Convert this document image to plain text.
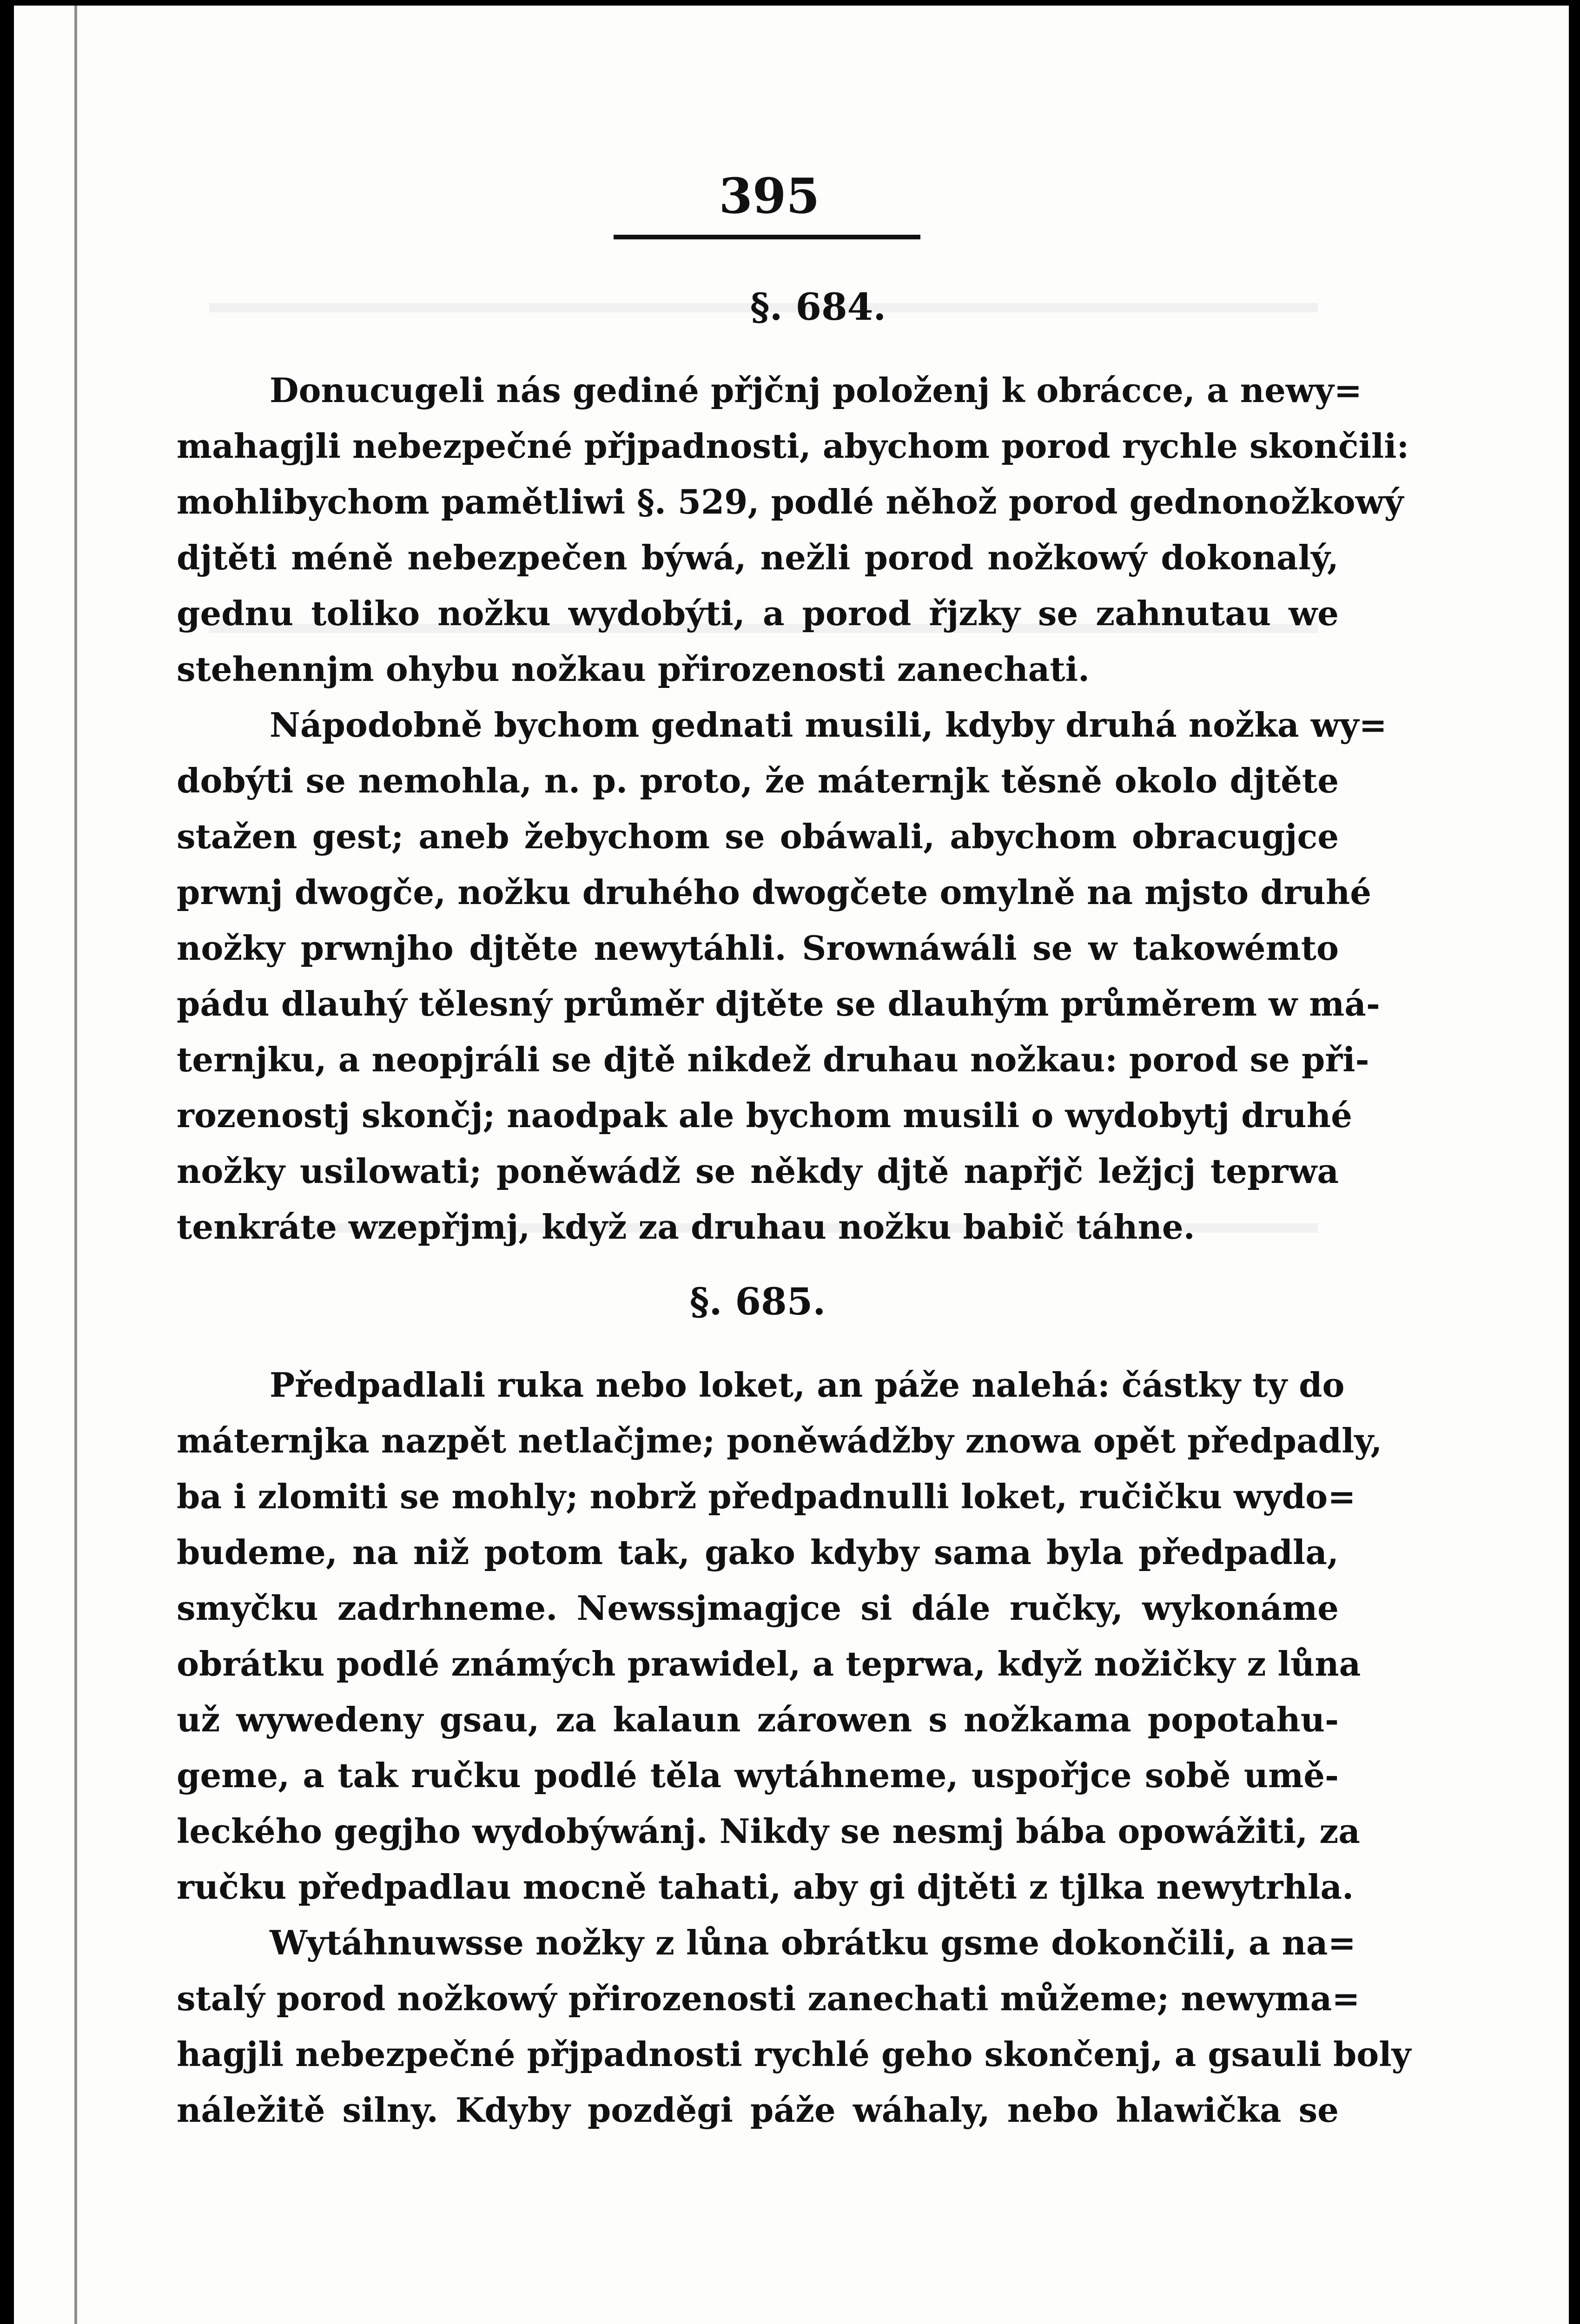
395
§. 684.
Donucugeli nás gediné přjčnj položenj k obrácce, a newy=
mahagjli nebezpečné přjpadnosti, abychom porod rychle skončili:
mohlibychom pamětliwi §. 529, podlé něhož porod gednonožkowý
djtěti méně nebezpečen býwá, nežli porod nožkowý dokonalý,
gednu toliko nožku wydobýti, a porod řjzky se zahnutau we
stehennjm ohybu nožkau přirozenosti zanechati.
Nápodobně bychom gednati musili, kdyby druhá nožka wy=
dobýti se nemohla, n. p. proto, že máternjk těsně okolo djtěte
stažen gest; aneb žebychom se obáwali, abychom obracugjce
prwnj dwogče, nožku druhého dwogčete omylně na mjsto druhé
nožky prwnjho djtěte newytáhli. Srownáwáli se w takowémto
pádu dlauhý tělesný průměr djtěte se dlauhým průměrem w má-
ternjku, a neopjráli se djtě nikdež druhau nožkau: porod se při-
rozenostj skončj; naodpak ale bychom musili o wydobytj druhé
nožky usilowati; poněwádž se někdy djtě napřjč ležjcj teprwa
tenkráte wzepřjmj, když za druhau nožku babič táhne.
§. 685.
Předpadlali ruka nebo loket, an páže nalehá: částky ty do
máternjka nazpět netlačjme; poněwádžby znowa opět předpadly,
ba i zlomiti se mohly; nobrž předpadnulli loket, ručičku wydo=
budeme, na niž potom tak, gako kdyby sama byla předpadla,
smyčku zadrhneme. Newssjmagjce si dále ručky, wykonáme
obrátku podlé známých prawidel, a teprwa, když nožičky z lůna
už wywedeny gsau, za kalaun zárowen s nožkama popotahu-
geme, a tak ručku podlé těla wytáhneme, uspořjce sobě umě-
leckého gegjho wydobýwánj. Nikdy se nesmj bába opowážiti, za
ručku předpadlau mocně tahati, aby gi djtěti z tjlka newytrhla.
Wytáhnuwsse nožky z lůna obrátku gsme dokončili, a na=
stalý porod nožkowý přirozenosti zanechati můžeme; newyma=
hagjli nebezpečné přjpadnosti rychlé geho skončenj, a gsauli boly
náležitě silny. Kdyby pozděgi páže wáhaly, nebo hlawička se
